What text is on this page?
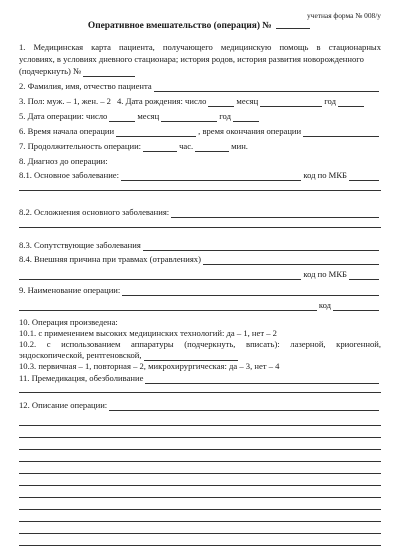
учетная форма № 008/у
Оперативное вмешательство (операция) №
1. Медицинская карта пациента, получающего медицинскую помощь в стационарных
условиях, в условиях дневного стационара; история родов, история развития новорожденного
(подчеркнуть) №
2. Фамилия, имя, отчество пациента
3. Пол: муж. – 1, жен. – 2 4. Дата рождения: число	месяц	год
5. Дата операции: число	месяц	год
6. Время начала операции	, время окончания операции
7. Продолжительность операции:	час.	мин.
8. Диагноз до операции:
8.1. Основное заболевание:	код по МКБ
8.2. Осложнения основного заболевания:
8.3. Сопутствующие заболевания
8.4. Внешняя причина при травмах (отравлениях)
код по МКБ
9. Наименование операции:
код
10. Операция произведена:
10.1. с применением высоких медицинских технологий: да – 1, нет – 2
10.2. с использованием аппаратуры (подчеркнуть, вписать): лазерной, криогенной,
эндоскопической, рентгеновской,
10.3. первичная – 1, повторная – 2, микрохирургическая: да – 3, нет – 4
11. Премедикация, обезболивание
12. Описание операции:
